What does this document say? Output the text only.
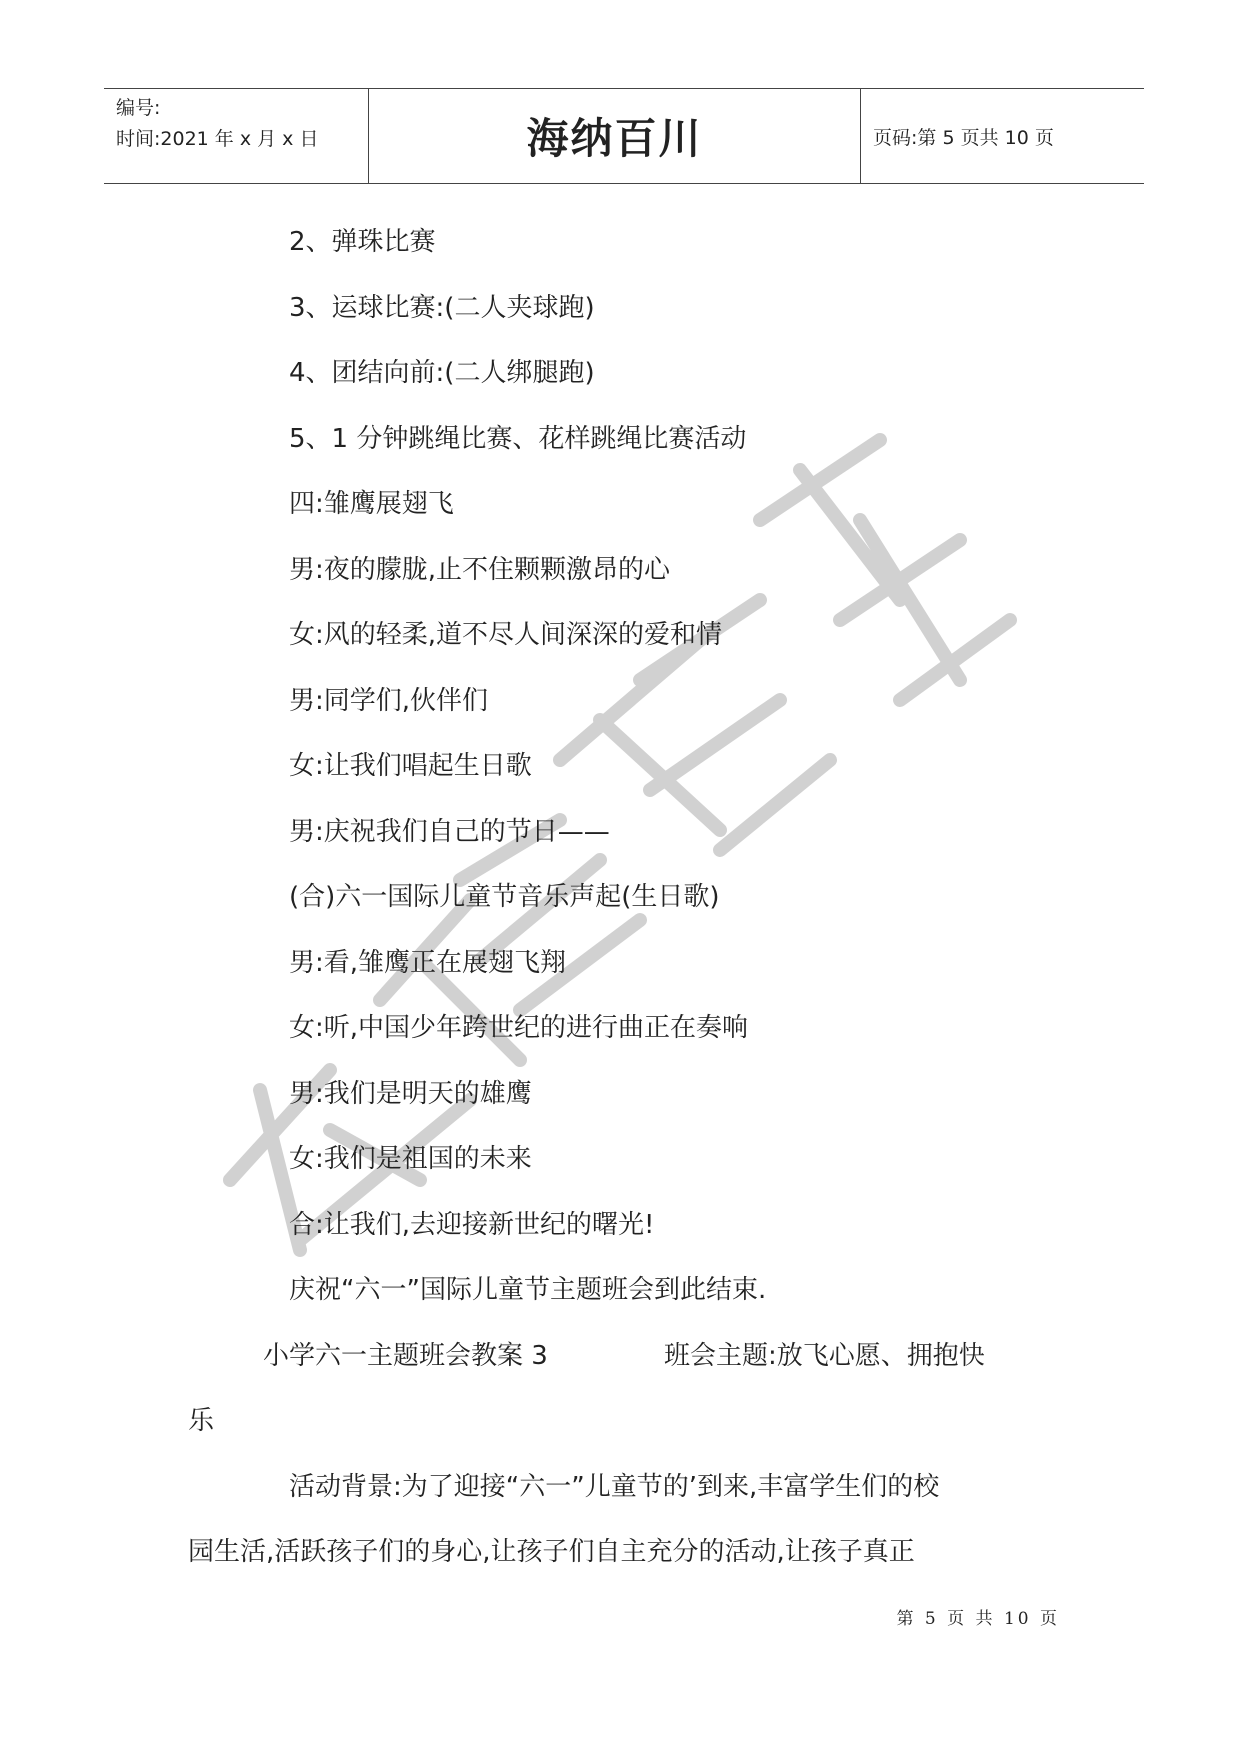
编号:
时间:2021 年 x 月 x 日	海纳百川	页码:第 5 页共 10 页
2、弹珠比赛
3、运球比赛:(二人夹球跑)
4、团结向前:(二人绑腿跑)
5、1 分钟跳绳比赛、花样跳绳比赛活动
四:雏鹰展翅飞
男:夜的朦胧,止不住颗颗激昂的心
女:风的轻柔,道不尽人间深深的爱和情
男:同学们,伙伴们
女:让我们唱起生日歌
男:庆祝我们自己的节日——
(合)六一国际儿童节音乐声起(生日歌)
男:看,雏鹰正在展翅飞翔
女:听,中国少年跨世纪的进行曲正在奏响
男:我们是明天的雄鹰
女:我们是祖国的未来
合:让我们,去迎接新世纪的曙光!
庆祝“六一”国际儿童节主题班会到此结束.
小学六一主题班会教案 3	班会主题:放飞心愿、拥抱快
乐
活动背景:为了迎接“六一”儿童节的’到来,丰富学生们的校
园生活,活跃孩子们的身心,让孩子们自主充分的活动,让孩子真正
第 5 页 共 10 页
